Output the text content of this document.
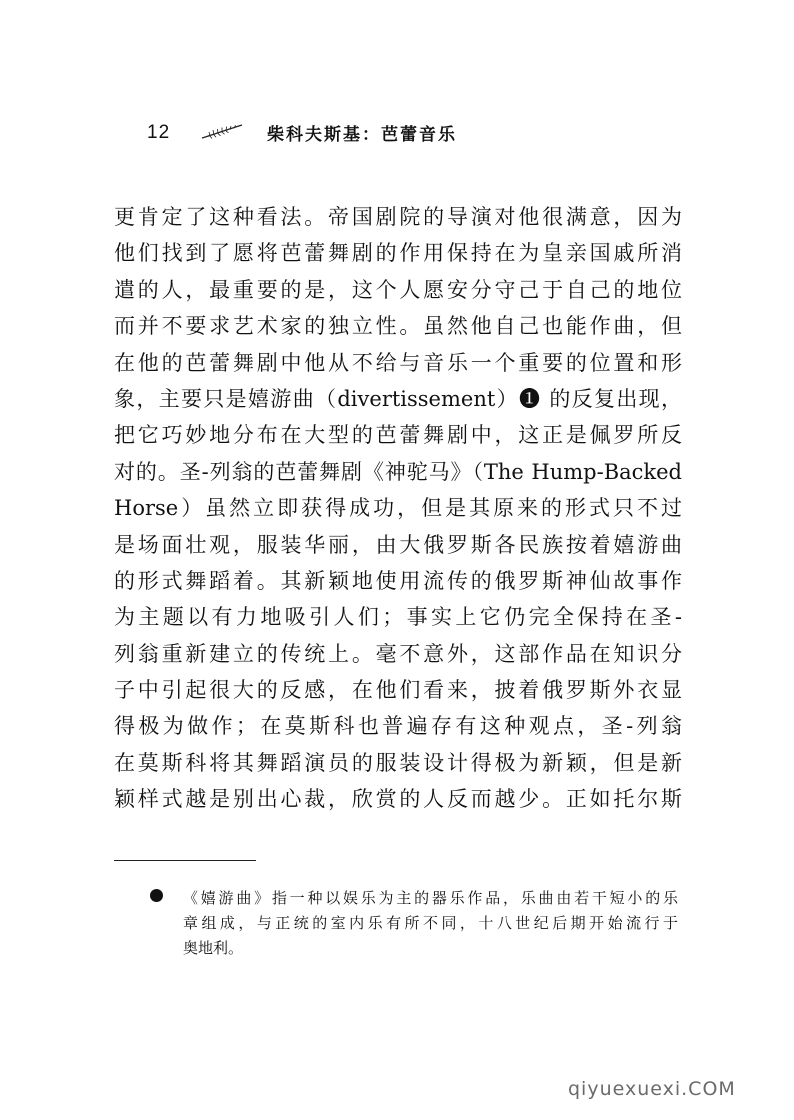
12	柴科夫斯基：芭蕾音乐
更肯定了这种看法。帝国剧院的导演对他很满意，因为
他们找到了愿将芭蕾舞剧的作用保持在为皇亲国戚所消
遣的人，最重要的是，这个人愿安分守己于自己的地位
而并不要求艺术家的独立性。虽然他自己也能作曲，但
在他的芭蕾舞剧中他从不给与音乐一个重要的位置和形
象，主要只是嬉游曲（divertissement）❶ 的反复出现，
把它巧妙地分布在大型的芭蕾舞剧中，这正是佩罗所反
对的。圣-列翁的芭蕾舞剧《神驼马》（The Hump-Backed
Horse）虽然立即获得成功，但是其原来的形式只不过
是场面壮观，服装华丽，由大俄罗斯各民族按着嬉游曲
的形式舞蹈着。其新颖地使用流传的俄罗斯神仙故事作
为主题以有力地吸引人们；事实上它仍完全保持在圣-
列翁重新建立的传统上。毫不意外，这部作品在知识分
子中引起很大的反感，在他们看来，披着俄罗斯外衣显
得极为做作；在莫斯科也普遍存有这种观点，圣-列翁
在莫斯科将其舞蹈演员的服装设计得极为新颖，但是新
颖样式越是别出心裁，欣赏的人反而越少。正如托尔斯
《嬉游曲》指一种以娱乐为主的器乐作品，乐曲由若干短小的乐
章组成，与正统的室内乐有所不同，十八世纪后期开始流行于
奥地利。
qiyuexuexi.COM
